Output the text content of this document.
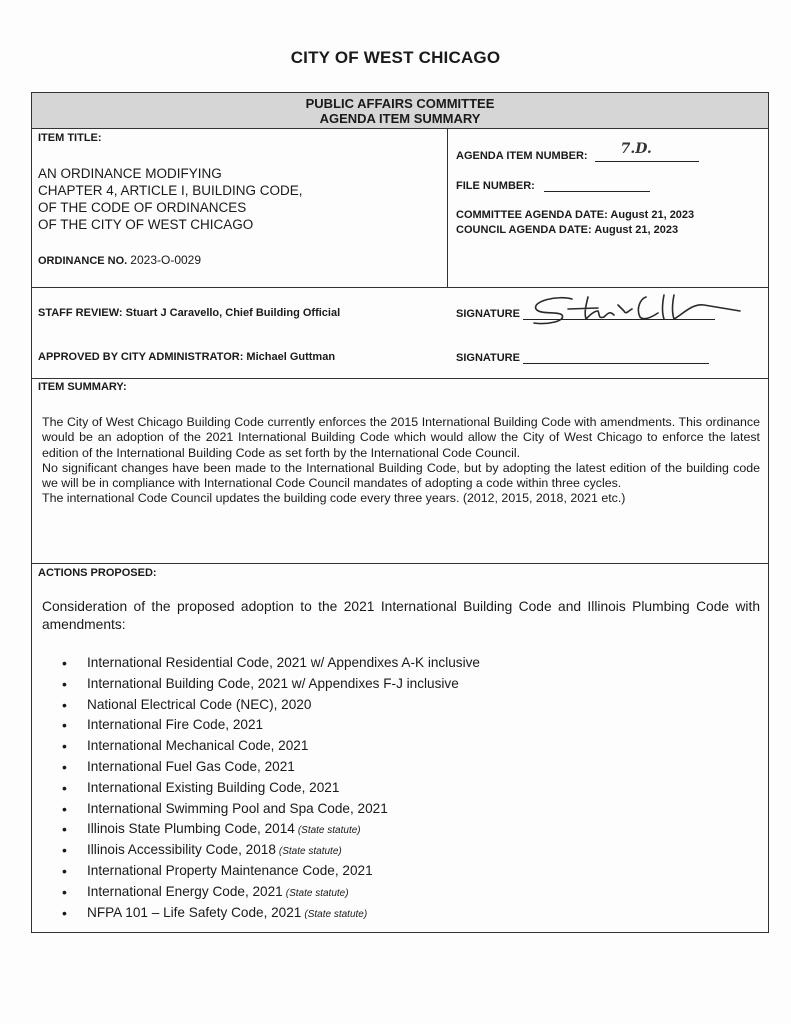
CITY OF WEST CHICAGO
PUBLIC AFFAIRS COMMITTEE
AGENDA ITEM SUMMARY
ITEM TITLE:
AN ORDINANCE MODIFYING
CHAPTER 4, ARTICLE I, BUILDING CODE,
OF THE CODE OF ORDINANCES
OF THE CITY OF WEST CHICAGO
ORDINANCE NO. 2023-O-0029
AGENDA ITEM NUMBER: 7.D.
FILE NUMBER:
COMMITTEE AGENDA DATE: August 21, 2023
COUNCIL AGENDA DATE: August 21, 2023
STAFF REVIEW: Stuart J Caravello, Chief Building Official	SIGNATURE
APPROVED BY CITY ADMINISTRATOR: Michael Guttman	SIGNATURE
ITEM SUMMARY:

The City of West Chicago Building Code currently enforces the 2015 International Building Code with amendments. This ordinance would be an adoption of the 2021 International Building Code which would allow the City of West Chicago to enforce the latest edition of the International Building Code as set forth by the International Code Council.

No significant changes have been made to the International Building Code, but by adopting the latest edition of the building code we will be in compliance with International Code Council mandates of adopting a code within three cycles.

The international Code Council updates the building code every three years. (2012, 2015, 2018, 2021 etc.)

ACTIONS PROPOSED:
Consideration of the proposed adoption to the 2021 International Building Code and Illinois Plumbing Code with amendments:
• International Residential Code, 2021 w/ Appendixes A-K inclusive
• International Building Code, 2021 w/ Appendixes F-J inclusive
• National Electrical Code (NEC), 2020
• International Fire Code, 2021
• International Mechanical Code, 2021
• International Fuel Gas Code, 2021
• International Existing Building Code, 2021
• International Swimming Pool and Spa Code, 2021
• Illinois State Plumbing Code, 2014 (State statute)
• Illinois Accessibility Code, 2018 (State statute)
• International Property Maintenance Code, 2021
• International Energy Code, 2021 (State statute)
• NFPA 101 – Life Safety Code, 2021 (State statute)
